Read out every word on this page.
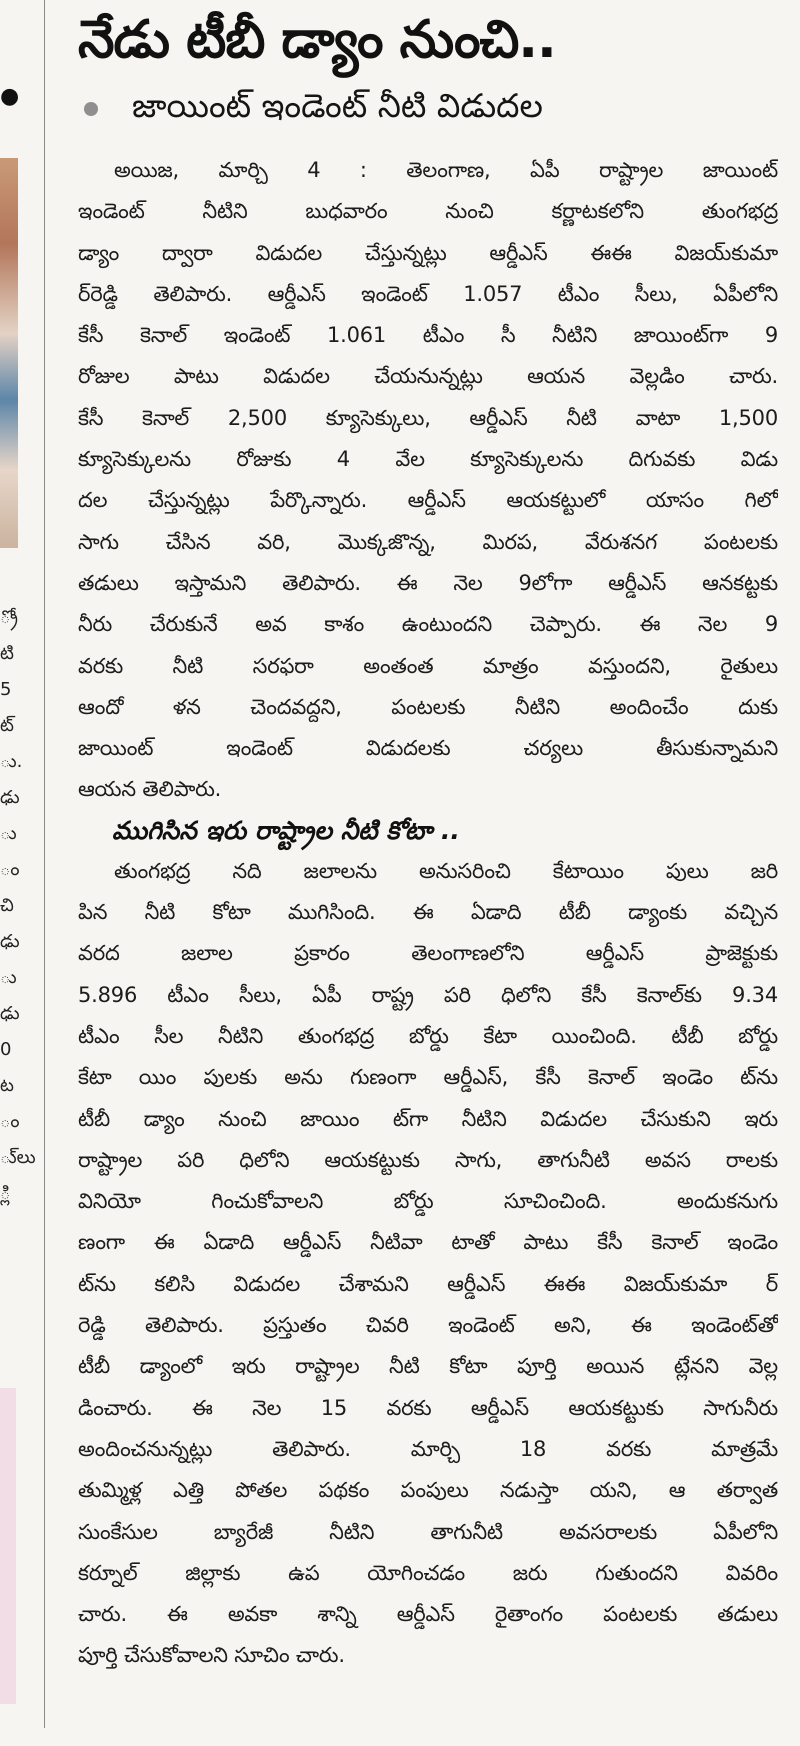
●
్రో
టి
5
ట్
ు.
ఢు
ు
ం
చి
ఢు
ు
ఢు
0
ట
ం
ు్లు
్లి
నేడు టీబీ డ్యాం నుంచి..
జాయింట్ ఇండెంట్ నీటి విడుదల
అయిజ, మార్చి 4 : తెలంగాణ, ఏపీ రాష్ట్రాల జాయింట్
ఇండెంట్ నీటిని బుధవారం నుంచి కర్ణాటకలోని తుంగభద్ర
డ్యాం ద్వారా విడుదల చేస్తున్నట్లు ఆర్డీఎస్ ఈఈ విజయ్‌కుమా
ర్‌రెడ్డి తెలిపారు. ఆర్డీఎస్ ఇండెంట్ 1.057 టీఎం సీలు, ఏపీలోని
కేసీ కెనాల్ ఇండెంట్ 1.061 టీఎం సీ నీటిని జాయింట్‌గా 9
రోజుల పాటు విడుదల చేయనున్నట్లు ఆయన వెల్లడిం చారు.
కేసీ కెనాల్ 2,500 క్యూసెక్కులు, ఆర్డీఎస్ నీటి వాటా 1,500
క్యూసెక్కులను రోజుకు 4 వేల క్యూసెక్కులను దిగువకు విడు
దల చేస్తున్నట్లు పేర్కొన్నారు. ఆర్డీఎస్ ఆయకట్టులో యాసం గిలో
సాగు చేసిన వరి, మొక్కజొన్న, మిరప, వేరుశనగ పంటలకు
తడులు ఇస్తామని తెలిపారు. ఈ నెల 9లోగా ఆర్డీఎస్ ఆనకట్టకు
నీరు చేరుకునే అవ కాశం ఉంటుందని చెప్పారు. ఈ నెల 9
వరకు నీటి సరఫరా అంతంత మాత్రం వస్తుందని, రైతులు
ఆందో ళన చెందవద్దని, పంటలకు నీటిని అందించేం దుకు
జాయింట్ ఇండెంట్ విడుదలకు చర్యలు తీసుకున్నామని
ఆయన తెలిపారు.
ముగిసిన ఇరు రాష్ట్రాల నీటి కోటా ..
తుంగభద్ర నది జలాలను అనుసరించి కేటాయిం పులు జరి
పిన నీటి కోటా ముగిసింది. ఈ ఏడాది టీబీ డ్యాంకు వచ్చిన
వరద జలాల ప్రకారం తెలంగాణలోని ఆర్డీఎస్ ప్రాజెక్టుకు
5.896 టీఎం సీలు, ఏపీ రాష్ట్ర పరి ధిలోని కేసీ కెనాల్‌కు 9.34
టీఎం సీల నీటిని తుంగభద్ర బోర్డు కేటా యించింది. టీబీ బోర్డు
కేటా యిం పులకు అను గుణంగా ఆర్డీఎస్, కేసీ కెనాల్ ఇండెం ట్‌ను
టీబీ డ్యాం నుంచి జాయిం ట్‌గా నీటిని విడుదల చేసుకుని ఇరు
రాష్ట్రాల పరి ధిలోని ఆయకట్టుకు సాగు, తాగునీటి అవస రాలకు
వినియో గించుకోవాలని బోర్డు సూచించింది. అందుకనుగు
ణంగా ఈ ఏడాది ఆర్డీఎస్ నీటివా టాతో పాటు కేసీ కెనాల్ ఇండెం
ట్‌ను కలిసి విడుదల చేశామని ఆర్డీఎస్ ఈఈ విజయ్‌కుమా ర్
రెడ్డి తెలిపారు. ప్రస్తుతం చివరి ఇండెంట్ అని, ఈ ఇండెంట్‌తో
టీబీ డ్యాంలో ఇరు రాష్ట్రాల నీటి కోటా పూర్తి అయిన ట్లేనని వెల్ల
డించారు. ఈ నెల 15 వరకు ఆర్డీఎస్ ఆయకట్టుకు సాగునీరు
అందించనున్నట్లు తెలిపారు. మార్చి 18 వరకు మాత్రమే
తుమ్మిళ్ల ఎత్తి పోతల పథకం పంపులు నడుస్తా యని, ఆ తర్వాత
సుంకేసుల బ్యారేజీ నీటిని తాగునీటి అవసరాలకు ఏపీలోని
కర్నూల్ జిల్లాకు ఉప యోగించడం జరు గుతుందని వివరిం
చారు. ఈ అవకా శాన్ని ఆర్డీఎస్ రైతాంగం పంటలకు తడులు
పూర్తి చేసుకోవాలని సూచిం చారు.
